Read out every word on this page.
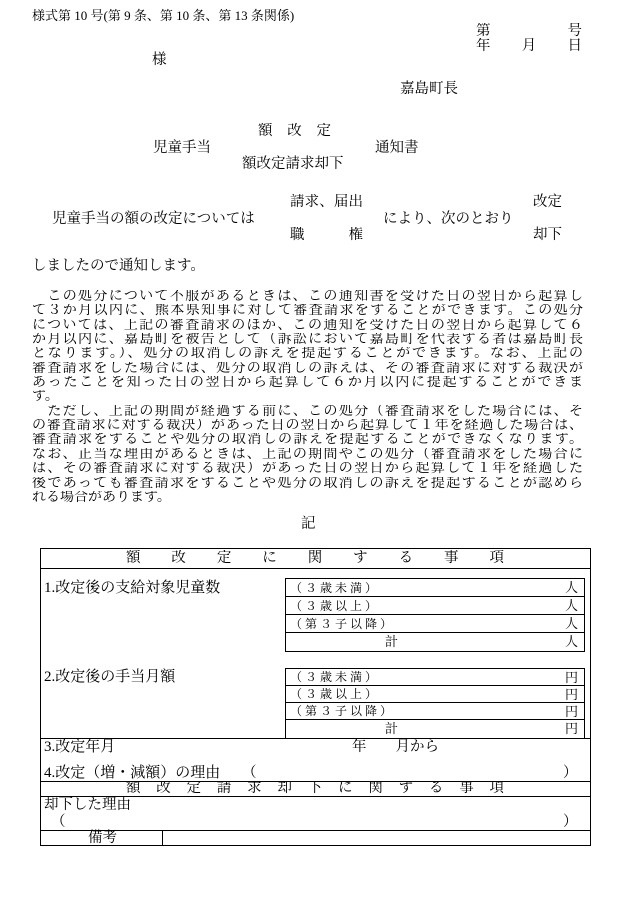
様式第 10 号(第 9 条、第 10 条、第 13 条関係)
第　　　号
年　　月　　日
様
嘉島町長
額　改　定
児童手当	通知書
額改定請求却下
請求、届出	改定
児童手当の額の改定については	により、次のとおり
職　　権	却下
しましたので通知します。
　この処分について不服があるときは、この通知書を受けた日の翌日から起算し
て３か月以内に、熊本県知事に対して審査請求をすることができます。この処分
については、上記の審査請求のほか、この通知を受けた日の翌日から起算して６
か月以内に、嘉島町を被告として（訴訟において嘉島町を代表する者は嘉島町長
となります。）、処分の取消しの訴えを提起することができます。なお、上記の
審査請求をした場合には、処分の取消しの訴えは、その審査請求に対する裁決が
あったことを知った日の翌日から起算して６か月以内に提起することができま
す。
　ただし、上記の期間が経過する前に、この処分（審査請求をした場合には、そ
の審査請求に対する裁決）があった日の翌日から起算して１年を経過した場合は、
審査請求をすることや処分の取消しの訴えを提起することができなくなります。
なお、正当な理由があるときは、上記の期間やこの処分（審査請求をした場合に
は、その審査請求に対する裁決）があった日の翌日から起算して１年を経過した
後であっても審査請求をすることや処分の取消しの訴えを提起することが認めら
れる場合があります。
記
額　改　定　に　関　す　る　事　項
1.改定後の支給対象児童数	（ ３ 歳 未 満 ）	人
（ ３ 歳 以 上 ）	人
（ 第 ３ 子 以 降 ）	人
計	人
2.改定後の手当月額	（ ３ 歳 未 満 ）	円
（ ３ 歳 以 上 ）	円
（ 第 ３ 子 以 降 ）	円
計	円
3.改定年月	年　　月から
4.改定（増・減額）の理由 （	）
額　改　定　請　求　却　下　に　関　す　る　事　項
却下した理由
（	）
備考
